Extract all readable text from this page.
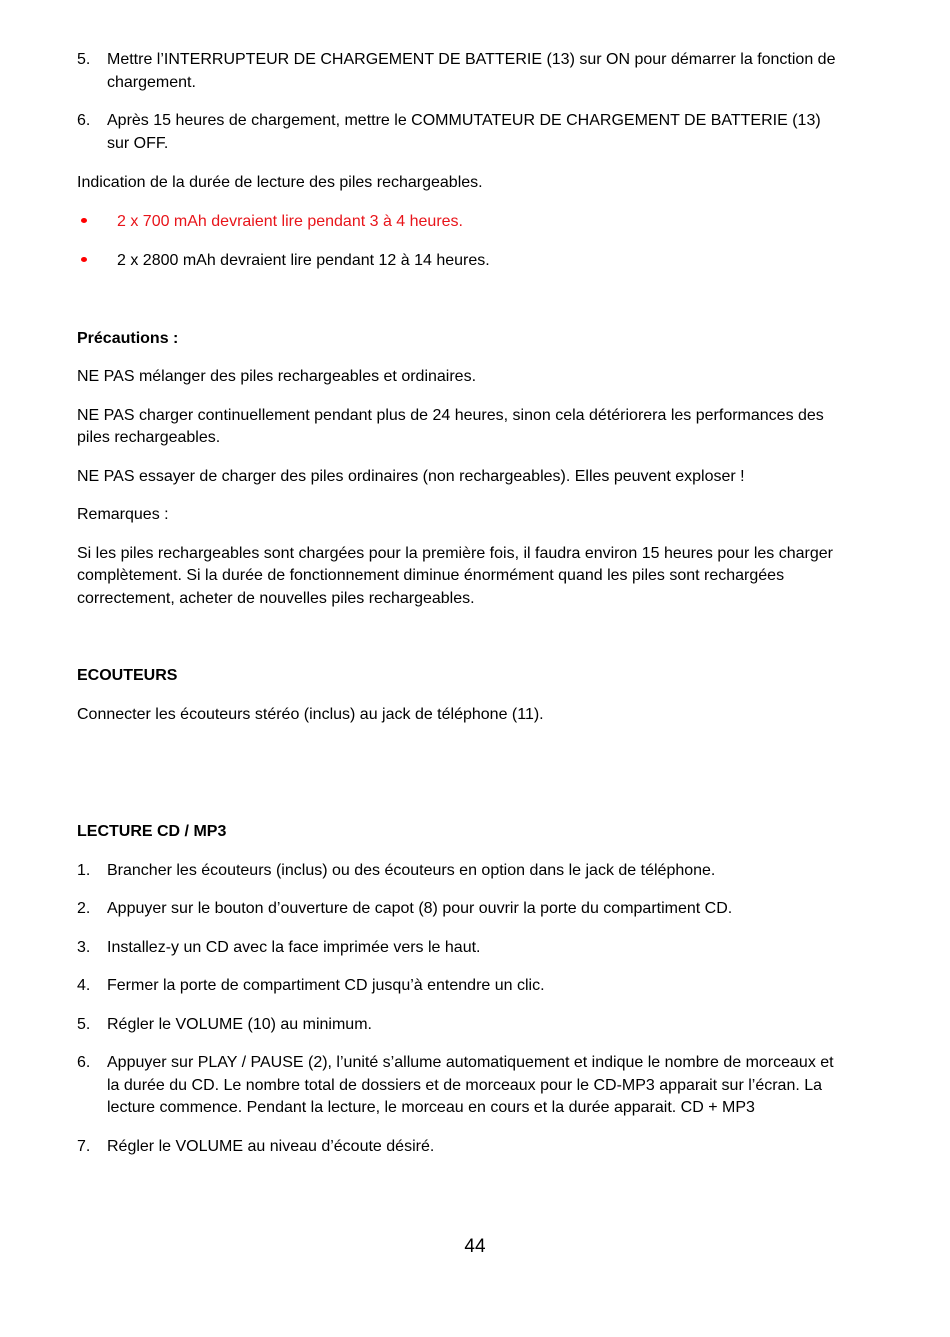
5.	Mettre l’INTERRUPTEUR DE CHARGEMENT DE BATTERIE (13) sur ON pour démarrer la fonction de chargement.
6.	Après 15 heures de chargement, mettre le COMMUTATEUR DE CHARGEMENT DE BATTERIE (13) sur OFF.

Indication de la durée de lecture des piles rechargeables.

2 x 700 mAh devraient lire pendant 3 à 4 heures.
2 x 2800 mAh devraient lire pendant 12 à 14 heures.

Précautions :

NE PAS mélanger des piles rechargeables et ordinaires.

NE PAS charger continuellement pendant plus de 24 heures, sinon cela détériorera les performances des piles rechargeables.

NE PAS essayer de charger des piles ordinaires (non rechargeables). Elles peuvent exploser !

Remarques :

Si les piles rechargeables sont chargées pour la première fois, il faudra environ 15 heures pour les charger complètement. Si la durée de fonctionnement diminue énormément quand les piles sont rechargées correctement, acheter de nouvelles piles rechargeables.

ECOUTEURS

Connecter les écouteurs stéréo (inclus) au jack de téléphone (11).

LECTURE CD / MP3

1.	Brancher les écouteurs (inclus) ou des écouteurs en option dans le jack de téléphone.
2.	Appuyer sur le bouton d’ouverture de capot (8) pour ouvrir la porte du compartiment CD.
3.	Installez-y un CD avec la face imprimée vers le haut.
4.	Fermer la porte de compartiment CD jusqu’à entendre un clic.
5.	Régler le VOLUME (10) au minimum.
6.	Appuyer sur PLAY / PAUSE (2), l’unité s’allume automatiquement et indique le nombre de morceaux et la durée du CD. Le nombre total de dossiers et de morceaux pour le CD-MP3 apparait sur l’écran. La lecture commence. Pendant la lecture, le morceau en cours et la durée apparait. CD + MP3
7.	Régler le VOLUME au niveau d’écoute désiré.
44
